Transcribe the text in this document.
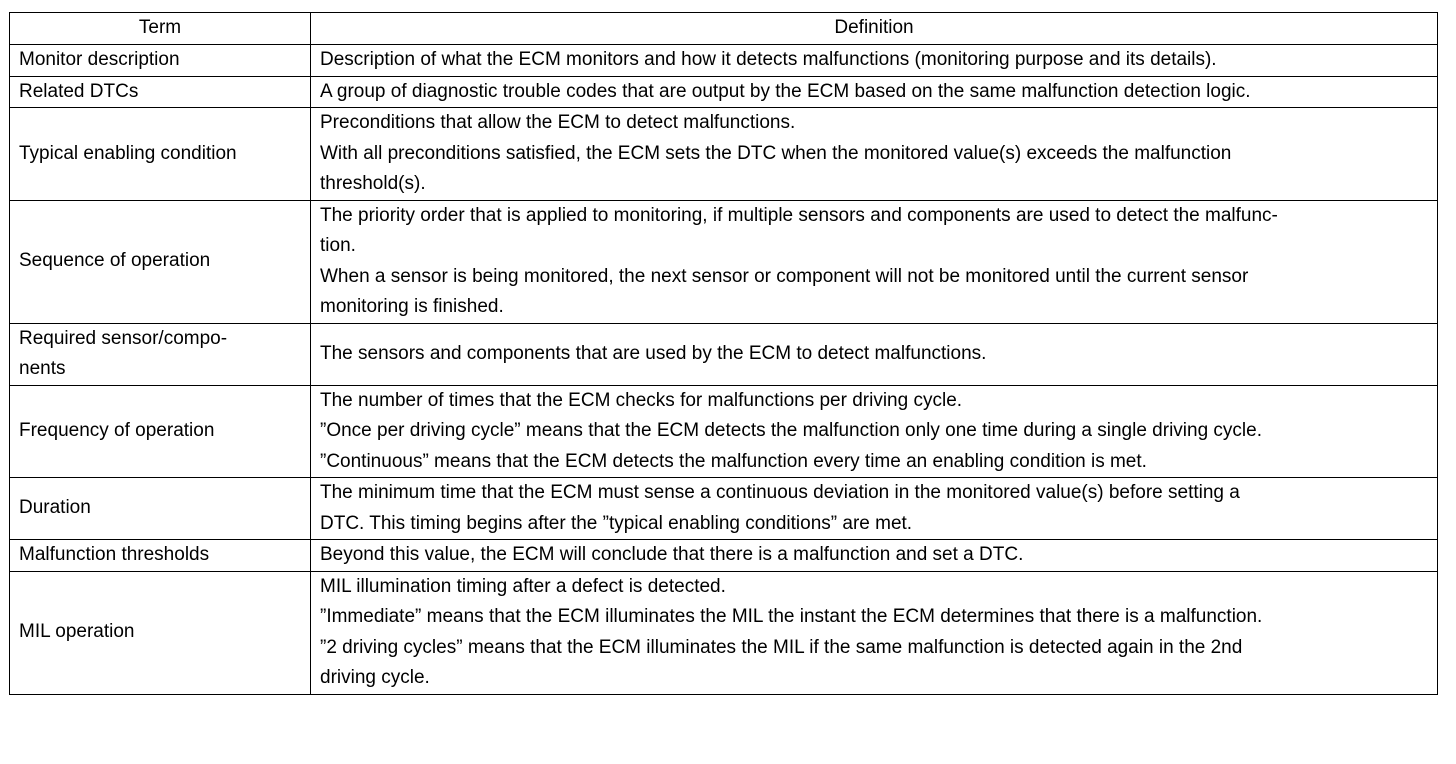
Term	Definition

Monitor description	Description of what the ECM monitors and how it detects malfunctions (monitoring purpose and its details).

Related DTCs	A group of diagnostic trouble codes that are output by the ECM based on the same malfunction detection logic.

Typical enabling condition	Preconditions that allow the ECM to detect malfunctions.
With all preconditions satisfied, the ECM sets the DTC when the monitored value(s) exceeds the malfunction
threshold(s).

Sequence of operation	The priority order that is applied to monitoring, if multiple sensors and components are used to detect the malfunc-
tion.
When a sensor is being monitored, the next sensor or component will not be monitored until the current sensor
monitoring is finished.

Required sensor/compo-
nents	The sensors and components that are used by the ECM to detect malfunctions.

Frequency of operation	The number of times that the ECM checks for malfunctions per driving cycle.
”Once per driving cycle” means that the ECM detects the malfunction only one time during a single driving cycle.
”Continuous” means that the ECM detects the malfunction every time an enabling condition is met.

Duration	The minimum time that the ECM must sense a continuous deviation in the monitored value(s) before setting a
DTC. This timing begins after the ”typical enabling conditions” are met.

Malfunction thresholds	Beyond this value, the ECM will conclude that there is a malfunction and set a DTC.

MIL operation	MIL illumination timing after a defect is detected.
”Immediate” means that the ECM illuminates the MIL the instant the ECM determines that there is a malfunction.
”2 driving cycles” means that the ECM illuminates the MIL if the same malfunction is detected again in the 2nd
driving cycle.
